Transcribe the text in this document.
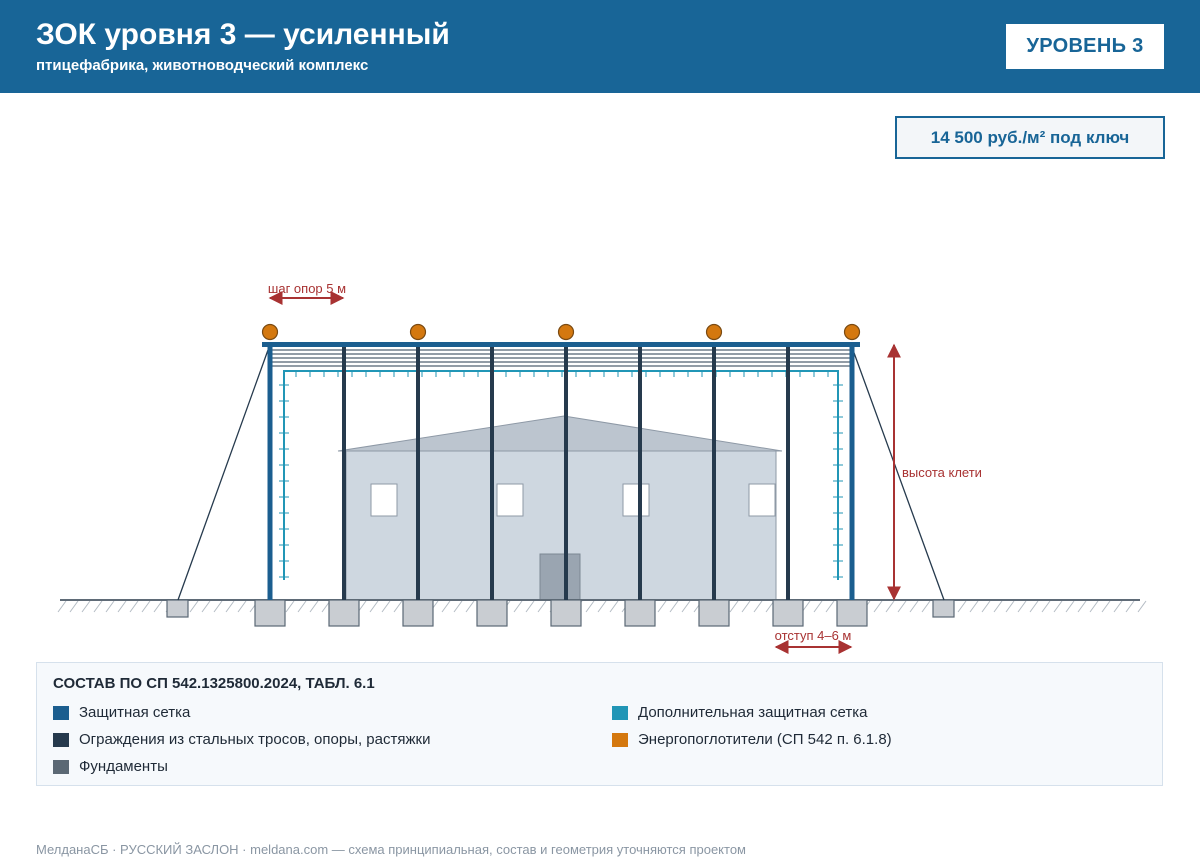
ЗОК уровня 3 — усиленный
птицефабрика, животноводческий комплекс
УРОВЕНЬ 3
14 500 руб./м² под ключ
шаг опор 5 м
высота клети
отступ 4–6 м
СОСТАВ ПО СП 542.1325800.2024, ТАБЛ. 6.1
Защитная сетка
Ограждения из стальных тросов, опоры, растяжки
Фундаменты
Дополнительная защитная сетка
Энергопоглотители (СП 542 п. 6.1.8)
МелданаСБ · РУССКИЙ ЗАСЛОН · meldana.com — схема принципиальная, состав и геометрия уточняются проектом
